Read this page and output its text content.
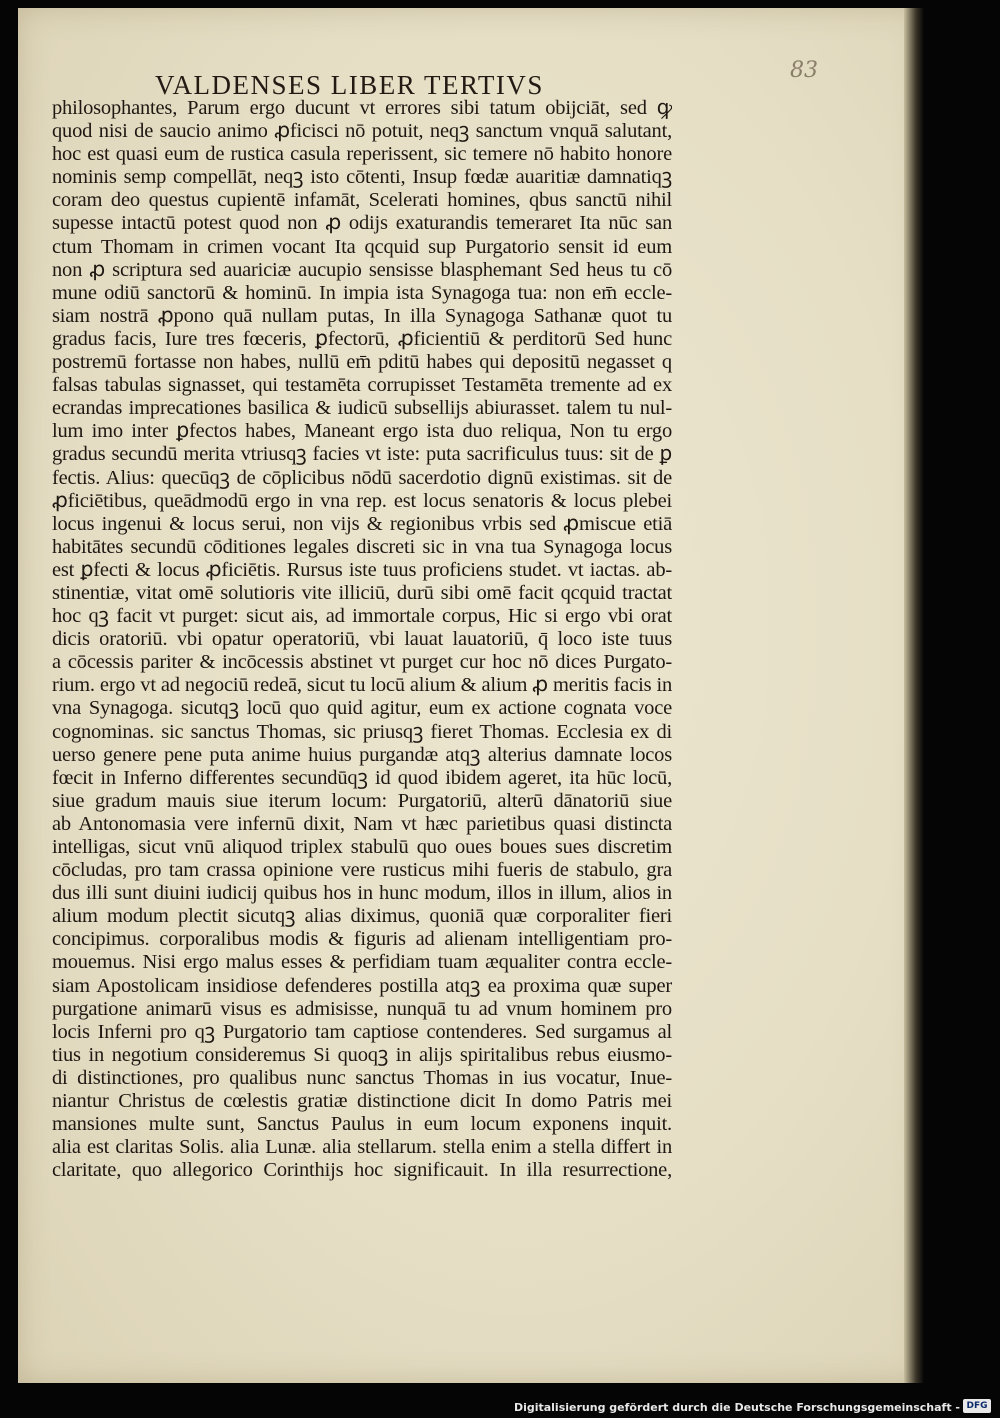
83
VALDENSES LIBER TERTIVS
philosophantes, Parum ergo ducunt vt errores sibi tatum obijciāt, sed ꝙ
quod nisi de saucio animo ꝓficisci nō potuit, neqꝫ sanctum vnquā salutant,
hoc est quasi eum de rustica casula reperissent, sic temere nō habito honore
nominis semp compellāt, neqꝫ isto cōtenti, Insup fœdæ auaritiæ damnatiqꝫ
coram deo questus cupientē infamāt, Scelerati homines, qbus sanctū nihil
supesse intactū potest quod non ꝓ odijs exaturandis temeraret Ita nūc san
ctum Thomam in crimen vocant Ita qcquid sup Purgatorio sensit id eum
non ꝓ scriptura sed auariciæ aucupio sensisse blasphemant Sed heus tu cō
mune odiū sanctorū & hominū. In impia ista Synagoga tua: non em̄ eccle-
siam nostrā ꝓpono quā nullam putas, In illa Synagoga Sathanæ quot tu
gradus facis, Iure tres fœceris, ꝑfectorū, ꝓficientiū & perditorū Sed hunc
postremū fortasse non habes, nullū em̄ pditū habes qui depositū negasset q
falsas tabulas signasset, qui testamēta corrupisset Testamēta tremente ad ex
ecrandas imprecationes basilica & iudicū subsellijs abiurasset. talem tu nul-
lum imo inter ꝑfectos habes, Maneant ergo ista duo reliqua, Non tu ergo
gradus secundū merita vtriusqꝫ facies vt iste: puta sacrificulus tuus: sit de ꝑ
fectis. Alius: quecūqꝫ de cōplicibus nōdū sacerdotio dignū existimas. sit de
ꝓficiētibus, queādmodū ergo in vna rep. est locus senatoris & locus plebei
locus ingenui & locus serui, non vijs & regionibus vrbis sed ꝓmiscue etiā
habitātes secundū cōditiones legales discreti sic in vna tua Synagoga locus
est ꝑfecti & locus ꝓficiētis. Rursus iste tuus proficiens studet. vt iactas. ab-
stinentiæ, vitat omē solutioris vite illiciū, durū sibi omē facit qcquid tractat
hoc qꝫ facit vt purget: sicut ais, ad immortale corpus, Hic si ergo vbi orat
dicis oratoriū. vbi opatur operatoriū, vbi lauat lauatoriū, q̄ loco iste tuus
a cōcessis pariter & incōcessis abstinet vt purget cur hoc nō dices Purgato-
rium. ergo vt ad negociū redeā, sicut tu locū alium & alium ꝓ meritis facis in
vna Synagoga. sicutqꝫ locū quo quid agitur, eum ex actione cognata voce
cognominas. sic sanctus Thomas, sic priusqꝫ fieret Thomas. Ecclesia ex di
uerso genere pene puta anime huius purgandæ atqꝫ alterius damnate locos
fœcit in Inferno differentes secundūqꝫ id quod ibidem ageret, ita hūc locū,
siue gradum mauis siue iterum locum: Purgatoriū, alterū dānatoriū siue
ab Antonomasia vere infernū dixit, Nam vt hæc parietibus quasi distincta
intelligas, sicut vnū aliquod triplex stabulū quo oues boues sues discretim
cōcludas, pro tam crassa opinione vere rusticus mihi fueris de stabulo, gra
dus illi sunt diuini iudicij quibus hos in hunc modum, illos in illum, alios in
alium modum plectit sicutqꝫ alias diximus, quoniā quæ corporaliter fieri
concipimus. corporalibus modis & figuris ad alienam intelligentiam pro-
mouemus. Nisi ergo malus esses & perfidiam tuam æqualiter contra eccle-
siam Apostolicam insidiose defenderes postilla atqꝫ ea proxima quæ super
purgatione animarū visus es admisisse, nunquā tu ad vnum hominem pro
locis Inferni pro qꝫ Purgatorio tam captiose contenderes. Sed surgamus al
tius in negotium consideremus Si quoqꝫ in alijs spiritalibus rebus eiusmo-
di distinctiones, pro qualibus nunc sanctus Thomas in ius vocatur, Inue-
niantur Christus de cœlestis gratiæ distinctione dicit In domo Patris mei
mansiones multe sunt, Sanctus Paulus in eum locum exponens inquit.
alia est claritas Solis. alia Lunæ. alia stellarum. stella enim a stella differt in
claritate, quo allegorico Corinthijs hoc significauit. In illa resurrectione,
Digitalisierung gefördert durch die Deutsche Forschungsgemeinschaft - DFG
